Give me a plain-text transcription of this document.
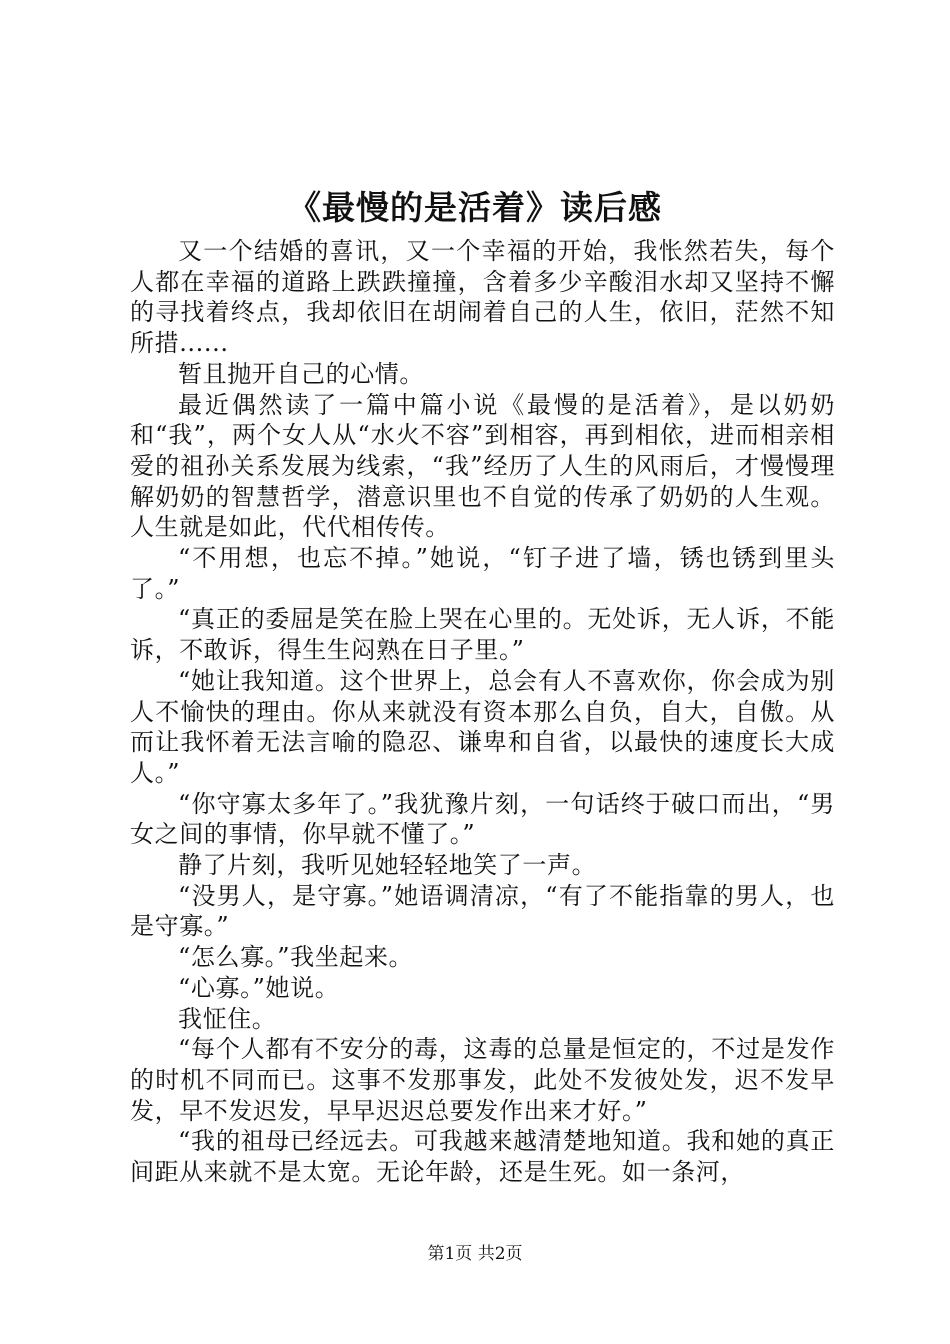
《最慢的是活着》读后感

又一个结婚的喜讯，又一个幸福的开始，我怅然若失，每个人都在幸福的道路上跌跌撞撞，含着多少辛酸泪水却又坚持不懈的寻找着终点，我却依旧在胡闹着自己的人生，依旧，茫然不知所措......

暂且抛开自己的心情。

最近偶然读了一篇中篇小说《最慢的是活着》，是以奶奶和“我”，两个女人从“水火不容”到相容，再到相依，进而相亲相爱的祖孙关系发展为线索，“我”经历了人生的风雨后，才慢慢理解奶奶的智慧哲学，潜意识里也不自觉的传承了奶奶的人生观。人生就是如此，代代相传传。

“不用想，也忘不掉。”她说，“钉子进了墙，锈也锈到里头了。”

“真正的委屈是笑在脸上哭在心里的。无处诉，无人诉，不能诉，不敢诉，得生生闷熟在日子里。”

“她让我知道。这个世界上，总会有人不喜欢你，你会成为别人不愉快的理由。你从来就没有资本那么自负，自大，自傲。从而让我怀着无法言喻的隐忍、谦卑和自省，以最快的速度长大成人。”

“你守寡太多年了。”我犹豫片刻，一句话终于破口而出，“男女之间的事情，你早就不懂了。”

静了片刻，我听见她轻轻地笑了一声。

“没男人，是守寡。”她语调清凉，“有了不能指靠的男人，也是守寡。”

“怎么寡。”我坐起来。

“心寡。”她说。

我怔住。

“每个人都有不安分的毒，这毒的总量是恒定的，不过是发作的时机不同而已。这事不发那事发，此处不发彼处发，迟不发早发，早不发迟发，早早迟迟总要发作出来才好。”

“我的祖母已经远去。可我越来越清楚地知道。我和她的真正间距从来就不是太宽。无论年龄，还是生死。如一条河，

第1页 共2页
